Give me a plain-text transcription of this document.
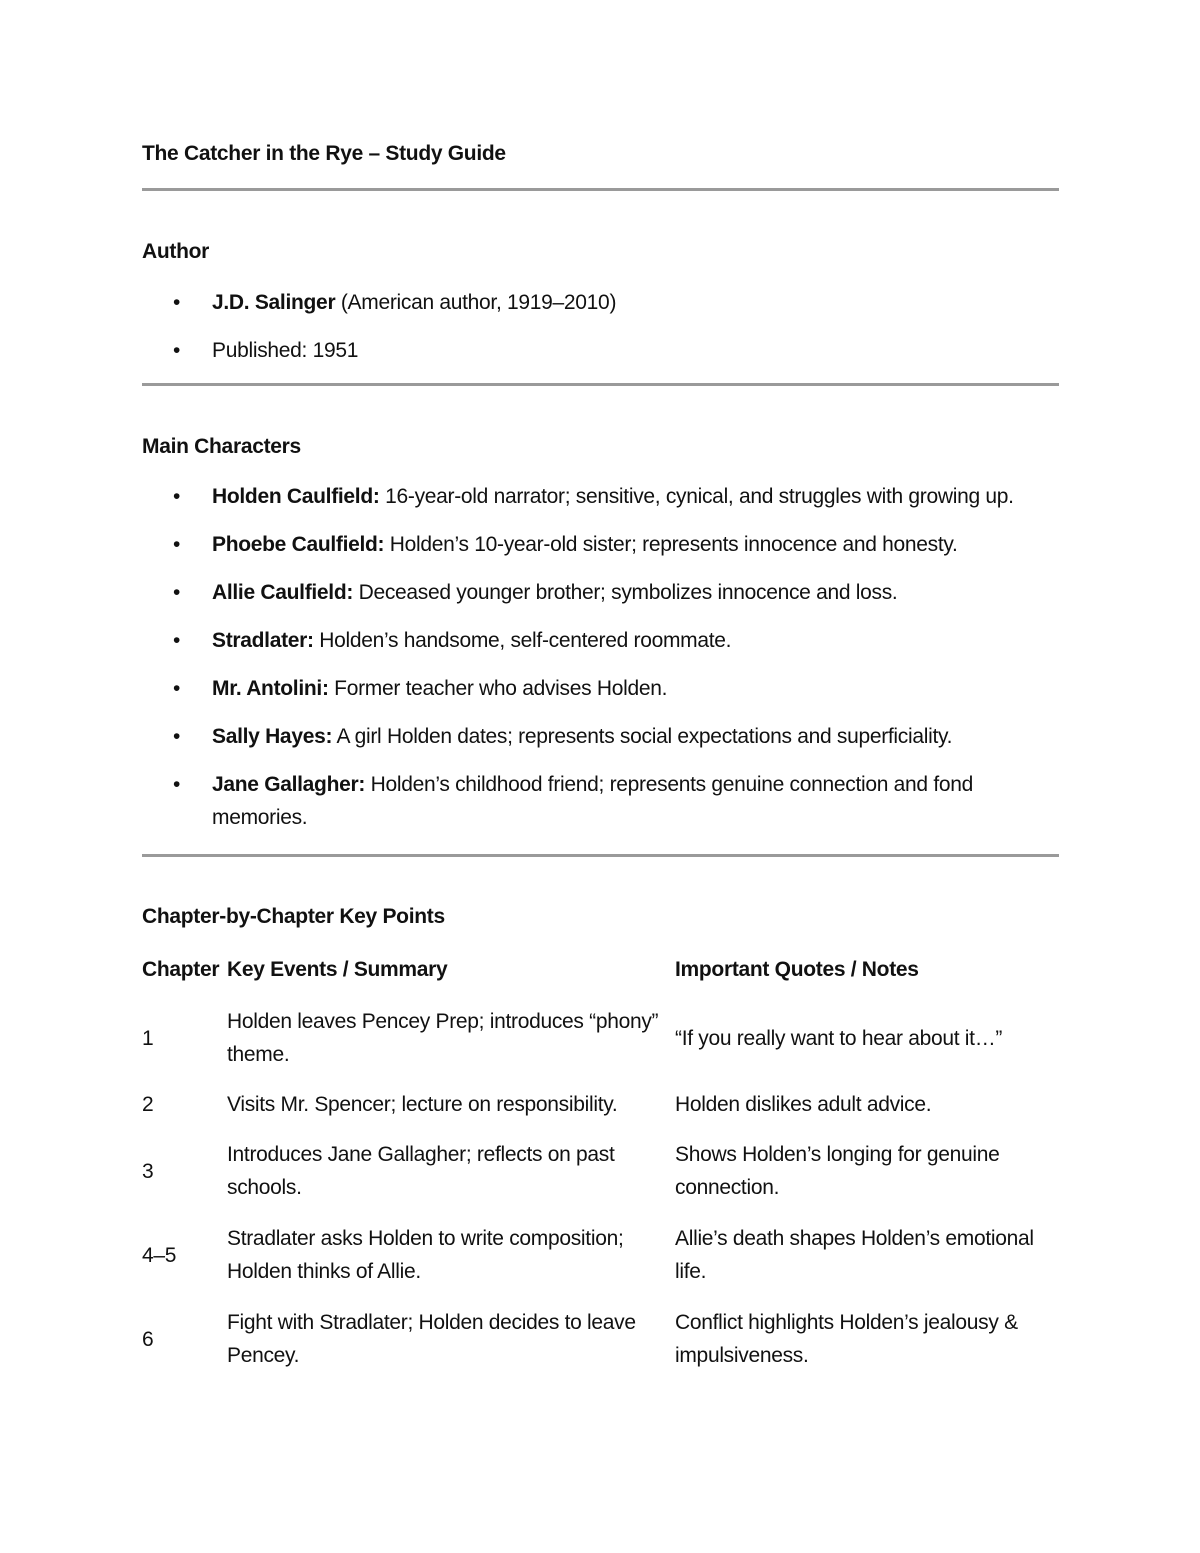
The Catcher in the Rye – Study Guide
Author
• J.D. Salinger (American author, 1919–2010)
• Published: 1951
Main Characters
• Holden Caulfield: 16-year-old narrator; sensitive, cynical, and struggles with growing up.
• Phoebe Caulfield: Holden’s 10-year-old sister; represents innocence and honesty.
• Allie Caulfield: Deceased younger brother; symbolizes innocence and loss.
• Stradlater: Holden’s handsome, self-centered roommate.
• Mr. Antolini: Former teacher who advises Holden.
• Sally Hayes: A girl Holden dates; represents social expectations and superficiality.
• Jane Gallagher: Holden’s childhood friend; represents genuine connection and fond memories.
Chapter-by-Chapter Key Points
Chapter	Key Events / Summary	Important Quotes / Notes
1	Holden leaves Pencey Prep; introduces “phony” theme.	“If you really want to hear about it…”
2	Visits Mr. Spencer; lecture on responsibility.	Holden dislikes adult advice.
3	Introduces Jane Gallagher; reflects on past schools.	Shows Holden’s longing for genuine connection.
4–5	Stradlater asks Holden to write composition; Holden thinks of Allie.	Allie’s death shapes Holden’s emotional life.
6	Fight with Stradlater; Holden decides to leave Pencey.	Conflict highlights Holden’s jealousy & impulsiveness.
